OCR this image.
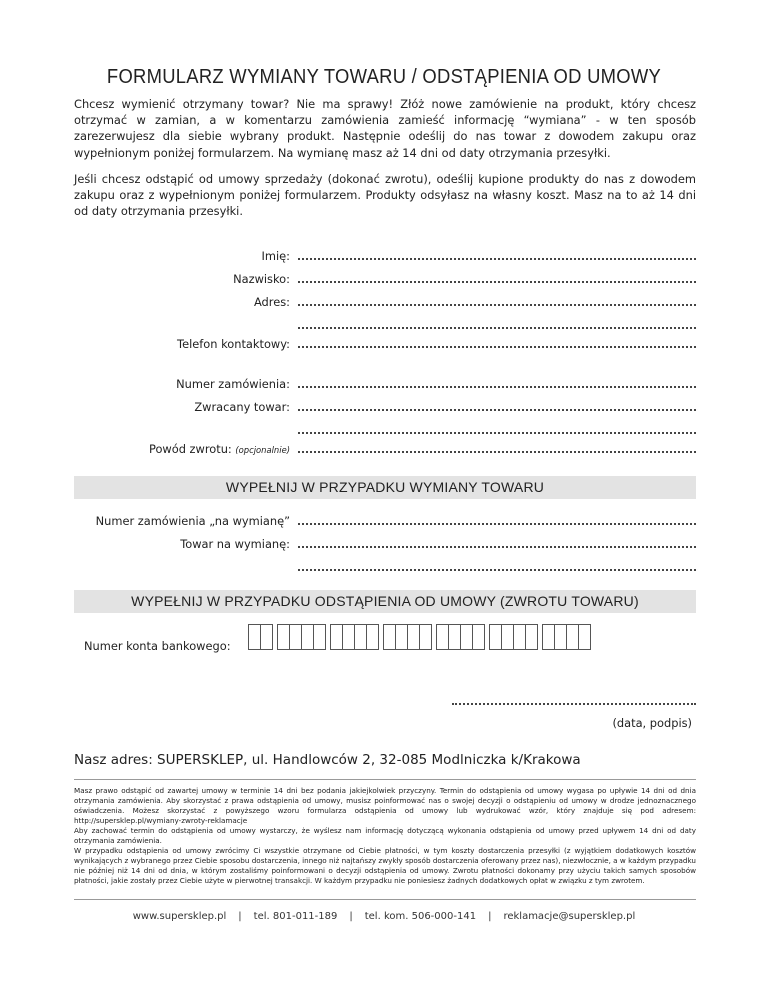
FORMULARZ WYMIANY TOWARU / ODSTĄPIENIA OD UMOWY
Chcesz wymienić otrzymany towar? Nie ma sprawy! Złóż nowe zamówienie na produkt, który chcesz otrzymać w zamian, a w komentarzu zamówienia zamieść informację “wymiana” - w ten sposób zarezerwujesz dla siebie wybrany produkt. Następnie odeślij do nas towar z dowodem zakupu oraz wypełnionym poniżej formularzem. Na wymianę masz aż 14 dni od daty otrzymania przesyłki.
Jeśli chcesz odstąpić od umowy sprzedaży (dokonać zwrotu), odeślij kupione produkty do nas z dowodem zakupu oraz z wypełnionym poniżej formularzem. Produkty odsyłasz na własny koszt. Masz na to aż 14 dni od daty otrzymania przesyłki.
Imię:
Nazwisko:
Adres:
Telefon kontaktowy:
Numer zamówienia:
Zwracany towar:
Powód zwrotu: (opcjonalnie)
WYPEŁNIJ W PRZYPADKU WYMIANY TOWARU
Numer zamówienia „na wymianę”
Towar na wymianę:
WYPEŁNIJ W PRZYPADKU ODSTĄPIENIA OD UMOWY (ZWROTU TOWARU)
Numer konta bankowego:
(data, podpis)
Nasz adres: SUPERSKLEP, ul. Handlowców 2, 32-085 Modlniczka k/Krakowa

Masz prawo odstąpić od zawartej umowy w terminie 14 dni bez podania jakiejkolwiek przyczyny. Termin do odstąpienia od umowy wygasa po upływie 14 dni od dnia otrzymania zamówienia. Aby skorzystać z prawa odstąpienia od umowy, musisz poinformować nas o swojej decyzji o odstąpieniu od umowy w drodze jednoznacznego oświadczenia. Możesz skorzystać z powyższego wzoru formularza odstąpienia od umowy lub wydrukować wzór, który znajduje się pod adresem: http://supersklep.pl/wymiany-zwroty-reklamacje

Aby zachować termin do odstąpienia od umowy wystarczy, że wyślesz nam informację dotyczącą wykonania odstąpienia od umowy przed upływem 14 dni od daty otrzymania zamówienia.

W przypadku odstąpienia od umowy zwrócimy Ci wszystkie otrzymane od Ciebie płatności, w tym koszty dostarczenia przesyłki (z wyjątkiem dodatkowych kosztów wynikających z wybranego przez Ciebie sposobu dostarczenia, innego niż najtańszy zwykły sposób dostarczenia oferowany przez nas), niezwłocznie, a w każdym przypadku nie później niż 14 dni od dnia, w którym zostaliśmy poinformowani o decyzji odstąpienia od umowy. Zwrotu płatności dokonamy przy użyciu takich samych sposobów płatności, jakie zostały przez Ciebie użyte w pierwotnej transakcji. W każdym przypadku nie poniesiesz żadnych dodatkowych opłat w związku z tym zwrotem.

www.supersklep.pl | tel. 801-011-189 | tel. kom. 506-000-141 | reklamacje@supersklep.pl
